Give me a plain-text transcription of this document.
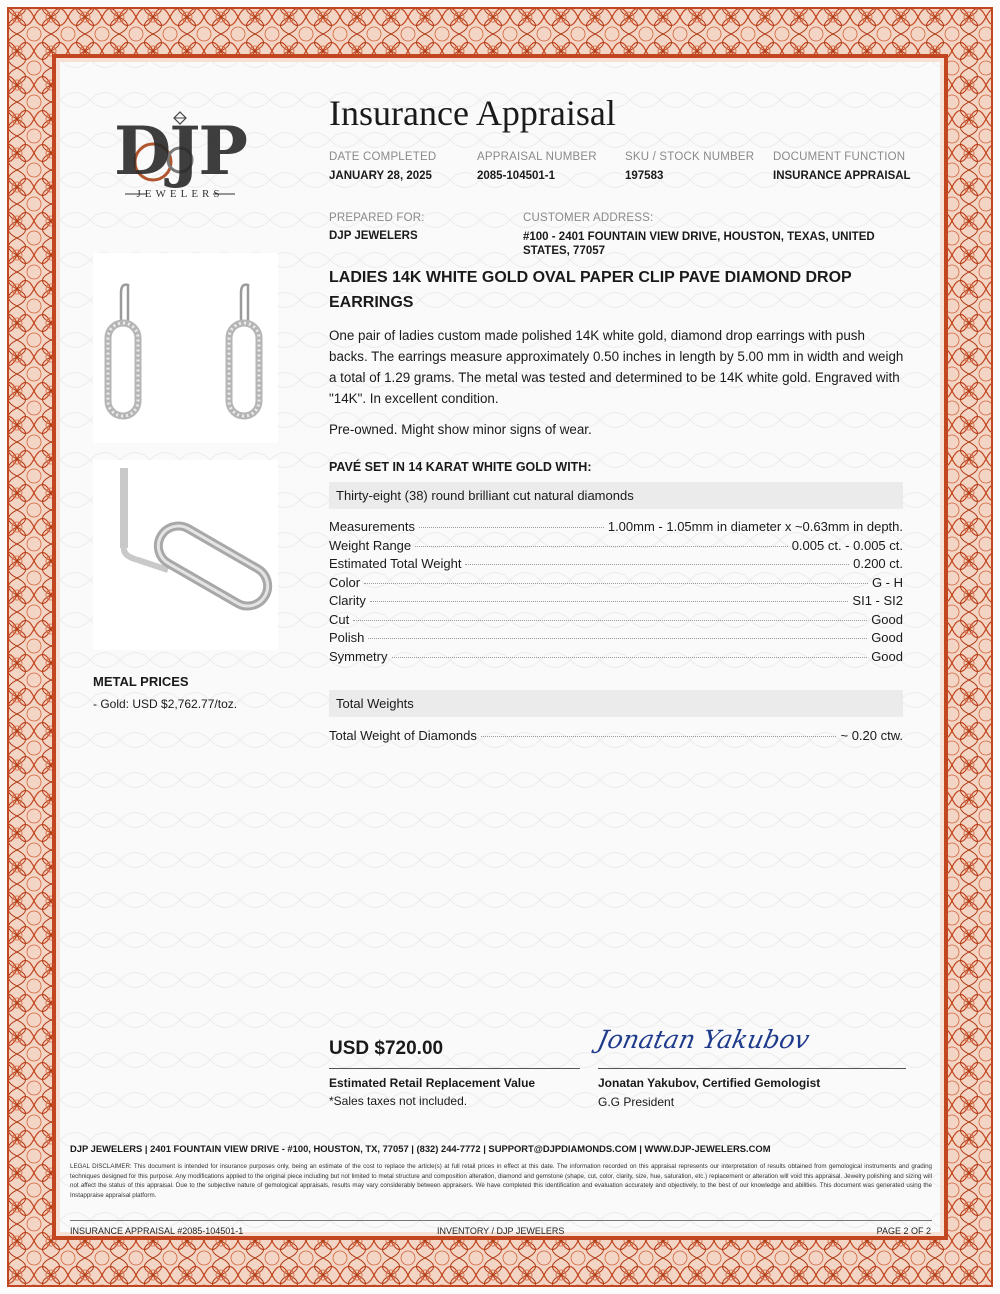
DJP
JEWELERS
Insurance Appraisal
DATE COMPLETED
JANUARY 28, 2025
APPRAISAL NUMBER
2085-104501-1
SKU / STOCK NUMBER
197583
DOCUMENT FUNCTION
INSURANCE APPRAISAL
PREPARED FOR:
DJP JEWELERS
CUSTOMER ADDRESS:
#100 - 2401 FOUNTAIN VIEW DRIVE, HOUSTON, TEXAS, UNITED STATES, 77057
LADIES 14K WHITE GOLD OVAL PAPER CLIP PAVE DIAMOND DROP EARRINGS
One pair of ladies custom made polished 14K white gold, diamond drop earrings with push backs. The earrings measure approximately 0.50 inches in length by 5.00 mm in width and weigh a total of 1.29 grams. The metal was tested and determined to be 14K white gold. Engraved with "14K". In excellent condition.
Pre-owned. Might show minor signs of wear.
PAVÉ SET IN 14 KARAT WHITE GOLD WITH:
Thirty-eight (38) round brilliant cut natural diamonds
Measurements	1.00mm - 1.05mm in diameter x ~0.63mm in depth.
Weight Range	0.005 ct. - 0.005 ct.
Estimated Total Weight	0.200 ct.
Color	G - H
Clarity	SI1 - SI2
Cut	Good
Polish	Good
Symmetry	Good
Total Weights
Total Weight of Diamonds	~ 0.20 ctw.
METAL PRICES
- Gold: USD $2,762.77/toz.
USD $720.00
Estimated Retail Replacement Value
*Sales taxes not included.
Jonatan Yakubov
Jonatan Yakubov, Certified Gemologist
G.G President
DJP JEWELERS | 2401 FOUNTAIN VIEW DRIVE - #100, HOUSTON, TX, 77057 | (832) 244-7772 | SUPPORT@DJPDIAMONDS.COM | WWW.DJP-JEWELERS.COM
LEGAL DISCLAIMER: This document is intended for insurance purposes only, being an estimate of the cost to replace the article(s) at full retail prices in effect at this date. The information recorded on this appraisal represents our interpretation of results obtained from gemological instruments and grading techniques designed for this purpose. Any modifications applied to the original piece including but not limited to metal structure and composition alteration, diamond and gemstone (shape, cut, color, clarity, size, hue, saturation, etc.) replacement or alteration will void this appraisal. Jewelry polishing and sizing will not affect the status of this appraisal. Due to the subjective nature of gemological appraisals, results may vary considerably between appraisers. We have completed this identification and evaluation accurately and objectively, to the best of our knowledge and abilities. This document was generated using the Instappraise appraisal platform.
INSURANCE APPRAISAL #2085-104501-1	INVENTORY / DJP JEWELERS	PAGE 2 OF 2
